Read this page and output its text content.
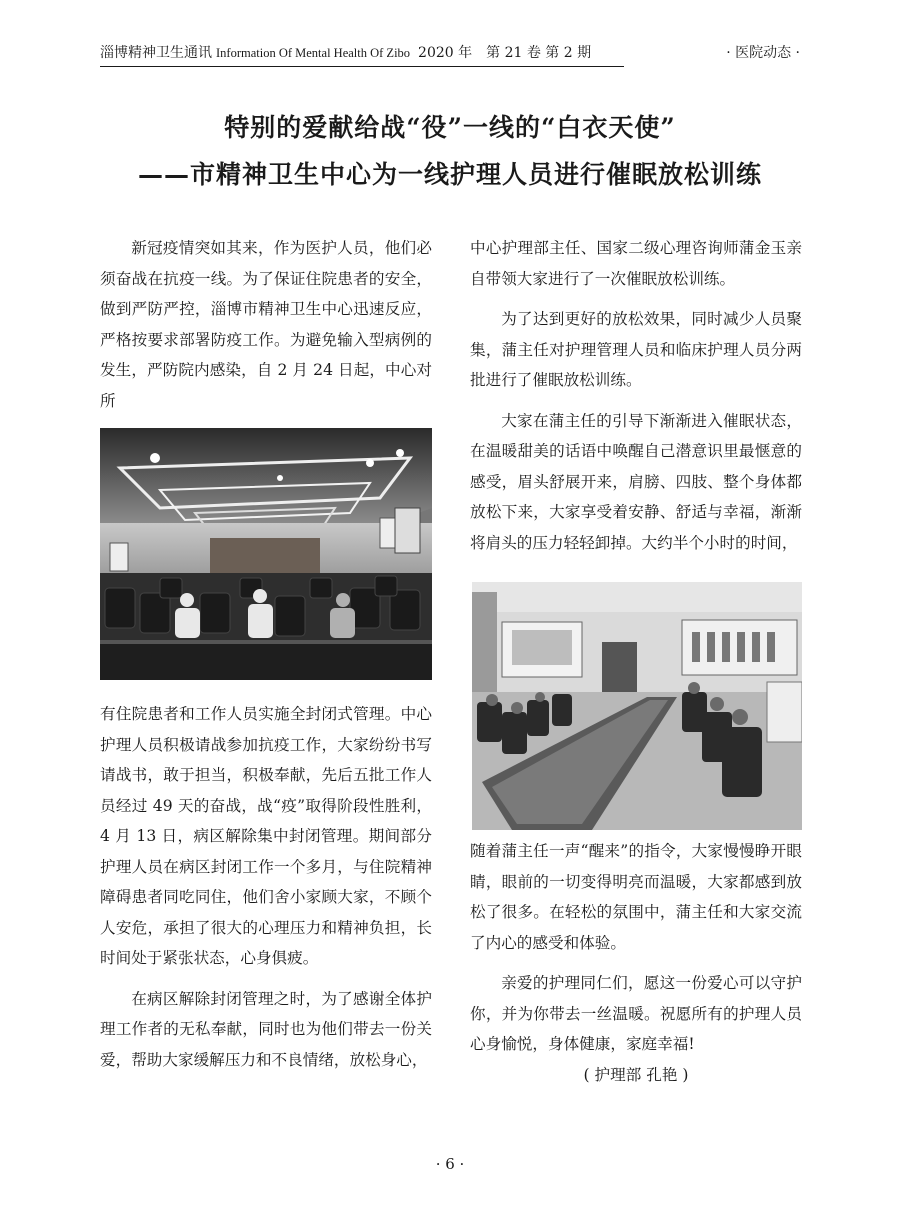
淄博精神卫生通讯 Information Of Mental Health Of Zibo 2020 年　第 21 卷 第 2 期	· 医院动态 ·
特别的爱献给战“役”一线的“白衣天使”
——市精神卫生中心为一线护理人员进行催眠放松训练

新冠疫情突如其来，作为医护人员，他们必须奋战在抗疫一线。为了保证住院患者的安全，做到严防严控，淄博市精神卫生中心迅速反应，严格按要求部署防疫工作。为避免输入型病例的发生，严防院内感染，自 2 月 24 日起，中心对所

有住院患者和工作人员实施全封闭式管理。中心护理人员积极请战参加抗疫工作，大家纷纷书写请战书，敢于担当，积极奉献，先后五批工作人员经过 49 天的奋战，战“疫”取得阶段性胜利，4 月 13 日，病区解除集中封闭管理。期间部分护理人员在病区封闭工作一个多月，与住院精神障碍患者同吃同住，他们舍小家顾大家，不顾个人安危，承担了很大的心理压力和精神负担，长时间处于紧张状态，心身俱疲。

在病区解除封闭管理之时，为了感谢全体护理工作者的无私奉献，同时也为他们带去一份关爱，帮助大家缓解压力和不良情绪，放松身心，

中心护理部主任、国家二级心理咨询师蒲金玉亲自带领大家进行了一次催眠放松训练。

为了达到更好的放松效果，同时减少人员聚集，蒲主任对护理管理人员和临床护理人员分两批进行了催眠放松训练。

大家在蒲主任的引导下渐渐进入催眠状态，在温暖甜美的话语中唤醒自己潜意识里最惬意的感受，眉头舒展开来，肩膀、四肢、整个身体都放松下来，大家享受着安静、舒适与幸福，渐渐将肩头的压力轻轻卸掉。大约半个小时的时间，

随着蒲主任一声“醒来”的指令，大家慢慢睁开眼睛，眼前的一切变得明亮而温暖，大家都感到放松了很多。在轻松的氛围中，蒲主任和大家交流了内心的感受和体验。

亲爱的护理同仁们，愿这一份爱心可以守护你，并为你带去一丝温暖。祝愿所有的护理人员心身愉悦，身体健康，家庭幸福!

( 护理部 孔艳 )

· 6 ·
